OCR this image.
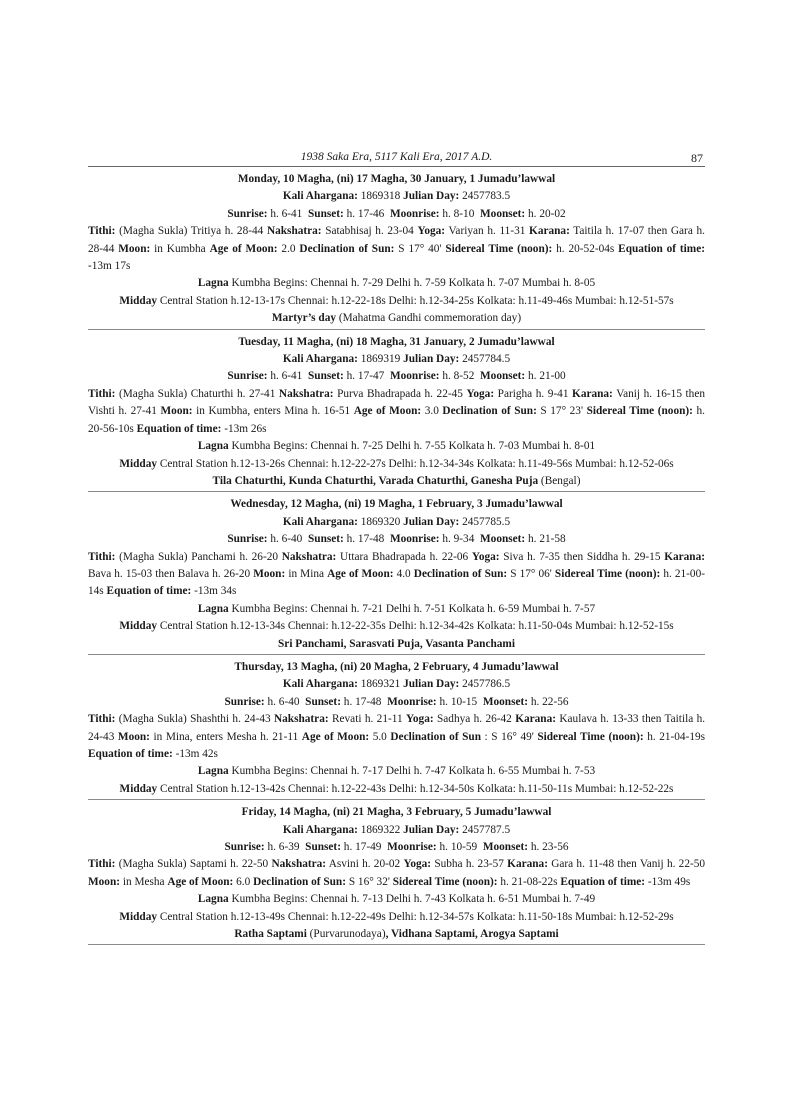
1938 Saka Era, 5117 Kali Era, 2017 A.D.	87
Monday, 10 Magha, (ni) 17 Magha, 30 January, 1 Jumadu’lawwal
Kali Ahargana: 1869318 Julian Day: 2457783.5
Sunrise: h. 6-41 Sunset: h. 17-46 Moonrise: h. 8-10 Moonset: h. 20-02
Tithi: (Magha Sukla) Tritiya h. 28-44 Nakshatra: Satabhisaj h. 23-04 Yoga: Variyan h. 11-31 Karana: Taitila h. 17-07 then Gara h. 28-44 Moon: in Kumbha Age of Moon: 2.0 Declination of Sun: S 17° 40' Sidereal Time (noon): h. 20-52-04s Equation of time: -13m 17s
Lagna Kumbha Begins: Chennai h. 7-29 Delhi h. 7-59 Kolkata h. 7-07 Mumbai h. 8-05
Midday Central Station h.12-13-17s Chennai: h.12-22-18s Delhi: h.12-34-25s Kolkata: h.11-49-46s Mumbai: h.12-51-57s
Martyr’s day (Mahatma Gandhi commemoration day)
Tuesday, 11 Magha, (ni) 18 Magha, 31 January, 2 Jumadu’lawwal
Kali Ahargana: 1869319 Julian Day: 2457784.5
Sunrise: h. 6-41 Sunset: h. 17-47 Moonrise: h. 8-52 Moonset: h. 21-00
Tithi: (Magha Sukla) Chaturthi h. 27-41 Nakshatra: Purva Bhadrapada h. 22-45 Yoga: Parigha h. 9-41 Karana: Vanij h. 16-15 then Vishti h. 27-41 Moon: in Kumbha, enters Mina h. 16-51 Age of Moon: 3.0 Declination of Sun: S 17° 23' Sidereal Time (noon): h. 20-56-10s Equation of time: -13m 26s
Lagna Kumbha Begins: Chennai h. 7-25 Delhi h. 7-55 Kolkata h. 7-03 Mumbai h. 8-01
Midday Central Station h.12-13-26s Chennai: h.12-22-27s Delhi: h.12-34-34s Kolkata: h.11-49-56s Mumbai: h.12-52-06s
Tila Chaturthi, Kunda Chaturthi, Varada Chaturthi, Ganesha Puja (Bengal)
Wednesday, 12 Magha, (ni) 19 Magha, 1 February, 3 Jumadu’lawwal
Kali Ahargana: 1869320 Julian Day: 2457785.5
Sunrise: h. 6-40 Sunset: h. 17-48 Moonrise: h. 9-34 Moonset: h. 21-58
Tithi: (Magha Sukla) Panchami h. 26-20 Nakshatra: Uttara Bhadrapada h. 22-06 Yoga: Siva h. 7-35 then Siddha h. 29-15 Karana: Bava h. 15-03 then Balava h. 26-20 Moon: in Mina Age of Moon: 4.0 Declination of Sun: S 17° 06' Sidereal Time (noon): h. 21-00-14s Equation of time: -13m 34s
Lagna Kumbha Begins: Chennai h. 7-21 Delhi h. 7-51 Kolkata h. 6-59 Mumbai h. 7-57
Midday Central Station h.12-13-34s Chennai: h.12-22-35s Delhi: h.12-34-42s Kolkata: h.11-50-04s Mumbai: h.12-52-15s
Sri Panchami, Sarasvati Puja, Vasanta Panchami
Thursday, 13 Magha, (ni) 20 Magha, 2 February, 4 Jumadu’lawwal
Kali Ahargana: 1869321 Julian Day: 2457786.5
Sunrise: h. 6-40 Sunset: h. 17-48 Moonrise: h. 10-15 Moonset: h. 22-56
Tithi: (Magha Sukla) Shashthi h. 24-43 Nakshatra: Revati h. 21-11 Yoga: Sadhya h. 26-42 Karana: Kaulava h. 13-33 then Taitila h. 24-43 Moon: in Mina, enters Mesha h. 21-11 Age of Moon: 5.0 Declination of Sun : S 16° 49' Sidereal Time (noon): h. 21-04-19s Equation of time: -13m 42s
Lagna Kumbha Begins: Chennai h. 7-17 Delhi h. 7-47 Kolkata h. 6-55 Mumbai h. 7-53
Midday Central Station h.12-13-42s Chennai: h.12-22-43s Delhi: h.12-34-50s Kolkata: h.11-50-11s Mumbai: h.12-52-22s
Friday, 14 Magha, (ni) 21 Magha, 3 February, 5 Jumadu’lawwal
Kali Ahargana: 1869322 Julian Day: 2457787.5
Sunrise: h. 6-39 Sunset: h. 17-49 Moonrise: h. 10-59 Moonset: h. 23-56
Tithi: (Magha Sukla) Saptami h. 22-50 Nakshatra: Asvini h. 20-02 Yoga: Subha h. 23-57 Karana: Gara h. 11-48 then Vanij h. 22-50 Moon: in Mesha Age of Moon: 6.0 Declination of Sun: S 16° 32' Sidereal Time (noon): h. 21-08-22s Equation of time: -13m 49s
Lagna Kumbha Begins: Chennai h. 7-13 Delhi h. 7-43 Kolkata h. 6-51 Mumbai h. 7-49
Midday Central Station h.12-13-49s Chennai: h.12-22-49s Delhi: h.12-34-57s Kolkata: h.11-50-18s Mumbai: h.12-52-29s
Ratha Saptami (Purvarunodaya), Vidhana Saptami, Arogya Saptami
